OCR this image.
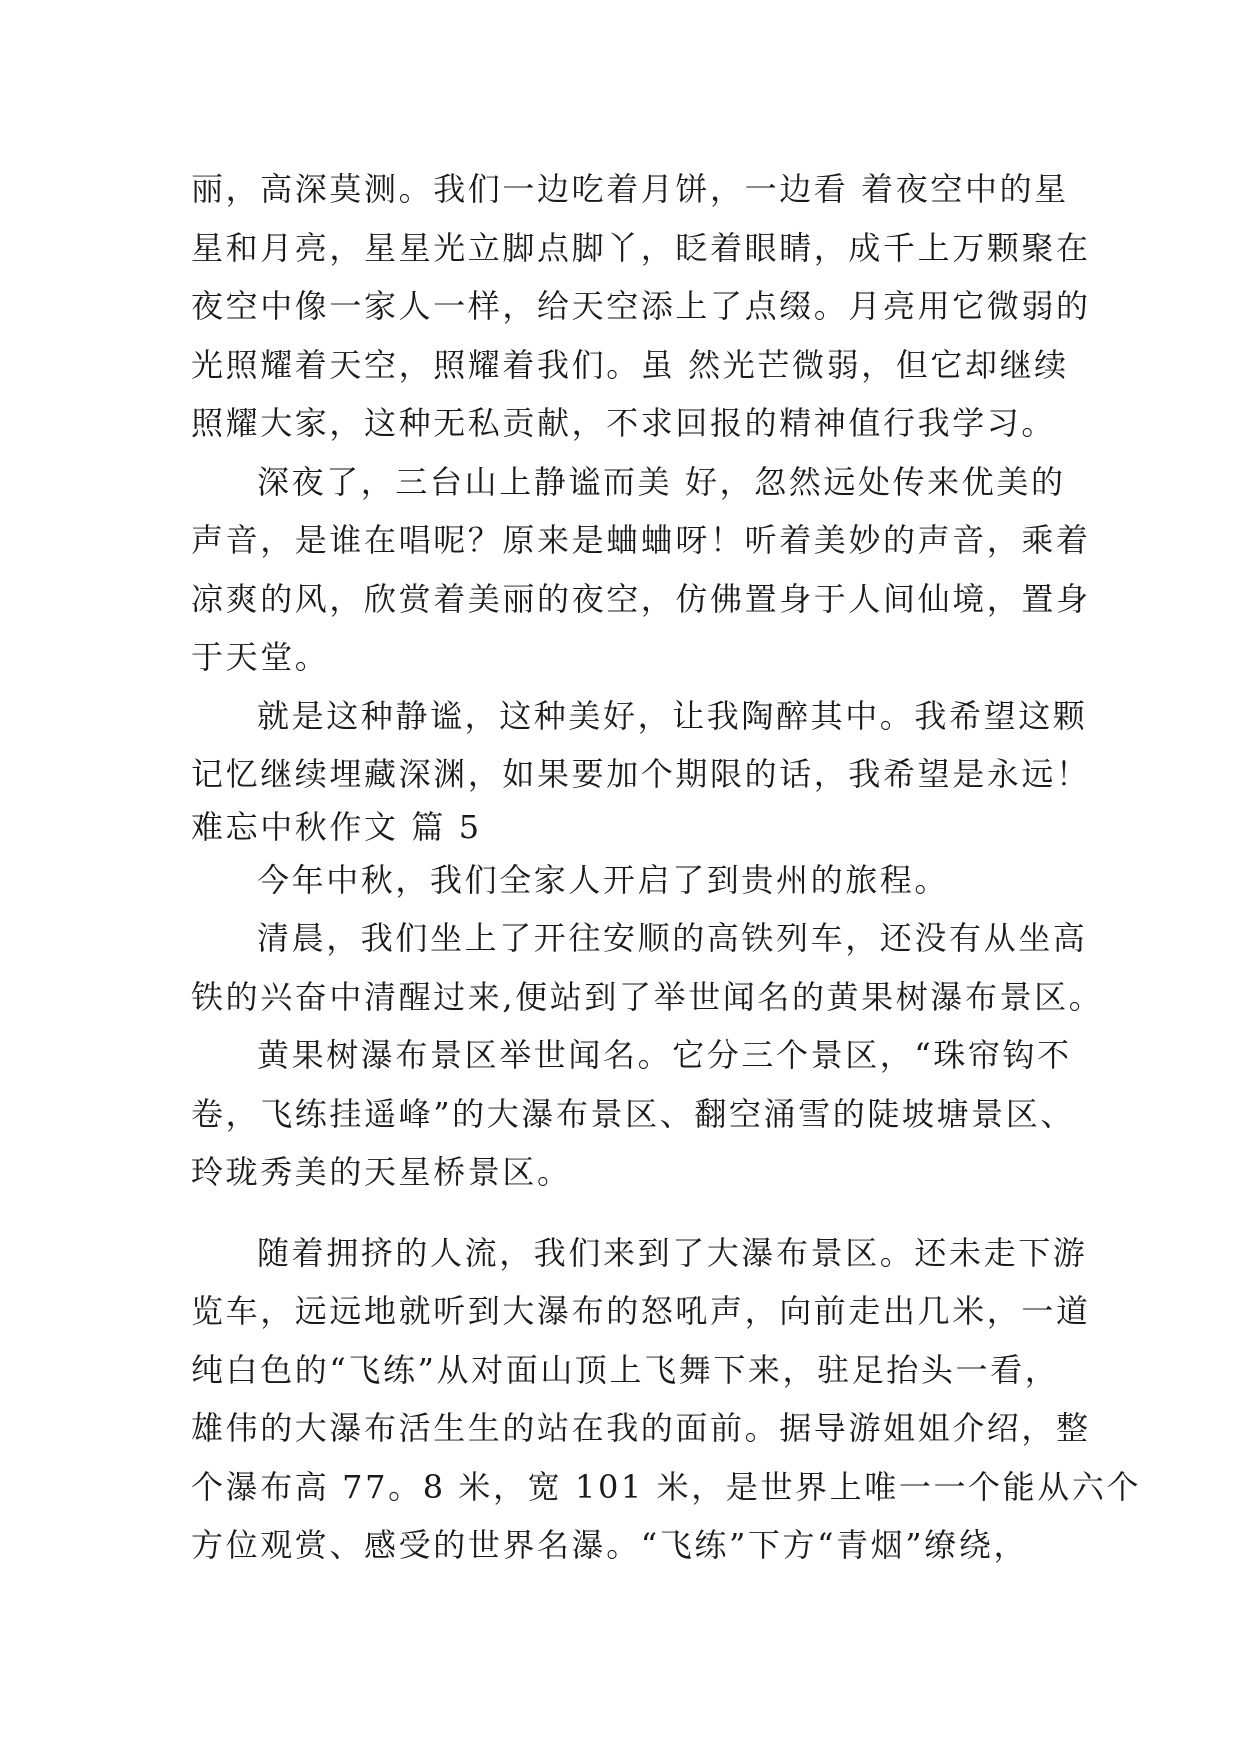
丽，高深莫测。我们一边吃着月饼，一边看 着夜空中的星
星和月亮，星星光立脚点脚丫，眨着眼睛，成千上万颗聚在
夜空中像一家人一样，给天空添上了点缀。月亮用它微弱的
光照耀着天空，照耀着我们。虽 然光芒微弱，但它却继续
照耀大家，这种无私贡献，不求回报的精神值行我学习。
深夜了，三台山上静谧而美 好，忽然远处传来优美的
声音，是谁在唱呢？原来是蛐蛐呀！听着美妙的声音，乘着
凉爽的风，欣赏着美丽的夜空，仿佛置身于人间仙境，置身
于天堂。
就是这种静谧，这种美好，让我陶醉其中。我希望这颗
记忆继续埋藏深渊，如果要加个期限的话，我希望是永远！
难忘中秋作文 篇 5
今年中秋，我们全家人开启了到贵州的旅程。
清晨，我们坐上了开往安顺的高铁列车，还没有从坐高
铁的兴奋中清醒过来,便站到了举世闻名的黄果树瀑布景区。
黄果树瀑布景区举世闻名。它分三个景区，“珠帘钩不
卷，飞练挂遥峰”的大瀑布景区、翻空涌雪的陡坡塘景区、
玲珑秀美的天星桥景区。
随着拥挤的人流，我们来到了大瀑布景区。还未走下游
览车，远远地就听到大瀑布的怒吼声，向前走出几米，一道
纯白色的“飞练”从对面山顶上飞舞下来，驻足抬头一看，
雄伟的大瀑布活生生的站在我的面前。据导游姐姐介绍，整
个瀑布高 77。8 米，宽 101 米，是世界上唯一一个能从六个
方位观赏、感受的世界名瀑。“飞练”下方“青烟”缭绕，
